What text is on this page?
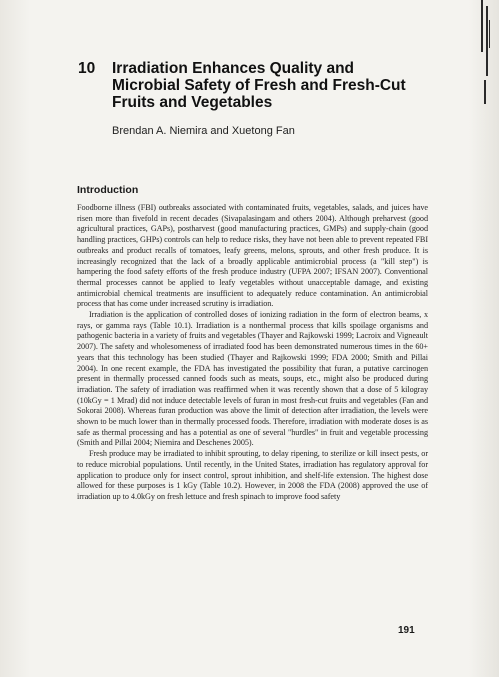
10	Irradiation Enhances Quality and Microbial Safety of Fresh and Fresh-Cut Fruits and Vegetables
Brendan A. Niemira and Xuetong Fan
Introduction

Foodborne illness (FBI) outbreaks associated with contaminated fruits, vegetables, salads, and juices have risen more than fivefold in recent decades (Sivapalasingam and others 2004). Although preharvest (good agricultural practices, GAPs), postharvest (good manufacturing practices, GMPs) and supply-chain (good handling practices, GHPs) controls can help to reduce risks, they have not been able to prevent repeated FBI outbreaks and product recalls of tomatoes, leafy greens, melons, sprouts, and other fresh produce. It is increasingly recognized that the lack of a broadly applicable antimicrobial process (a "kill step") is hampering the food safety efforts of the fresh produce industry (UFPA 2007; IFSAN 2007). Conventional thermal processes cannot be applied to leafy vegetables without unacceptable damage, and existing antimicrobial chemical treatments are insufficient to adequately reduce contamination. An antimicrobial process that has come under increased scrutiny is irradiation.

Irradiation is the application of controlled doses of ionizing radiation in the form of electron beams, x rays, or gamma rays (Table 10.1). Irradiation is a nonthermal process that kills spoilage organisms and pathogenic bacteria in a variety of fruits and vegetables (Thayer and Rajkowski 1999; Lacroix and Vigneault 2007). The safety and wholesomeness of irradiated food has been demonstrated numerous times in the 60+ years that this technology has been studied (Thayer and Rajkowski 1999; FDA 2000; Smith and Pillai 2004). In one recent example, the FDA has investigated the possibility that furan, a putative carcinogen present in thermally processed canned foods such as meats, soups, etc., might also be produced during irradiation. The safety of irradiation was reaffirmed when it was recently shown that a dose of 5 kilogray (10kGy = 1 Mrad) did not induce detectable levels of furan in most fresh-cut fruits and vegetables (Fan and Sokorai 2008). Whereas furan production was above the limit of detection after irradiation, the levels were shown to be much lower than in thermally processed foods. Therefore, irradiation with moderate doses is as safe as thermal processing and has a potential as one of several "hurdles" in fruit and vegetable processing (Smith and Pillai 2004; Niemira and Deschenes 2005).

Fresh produce may be irradiated to inhibit sprouting, to delay ripening, to sterilize or kill insect pests, or to reduce microbial populations. Until recently, in the United States, irradiation has regulatory approval for application to produce only for insect control, sprout inhibition, and shelf-life extension. The highest dose allowed for these purposes is 1 kGy (Table 10.2). However, in 2008 the FDA (2008) approved the use of irradiation up to 4.0kGy on fresh lettuce and fresh spinach to improve food safety

191
